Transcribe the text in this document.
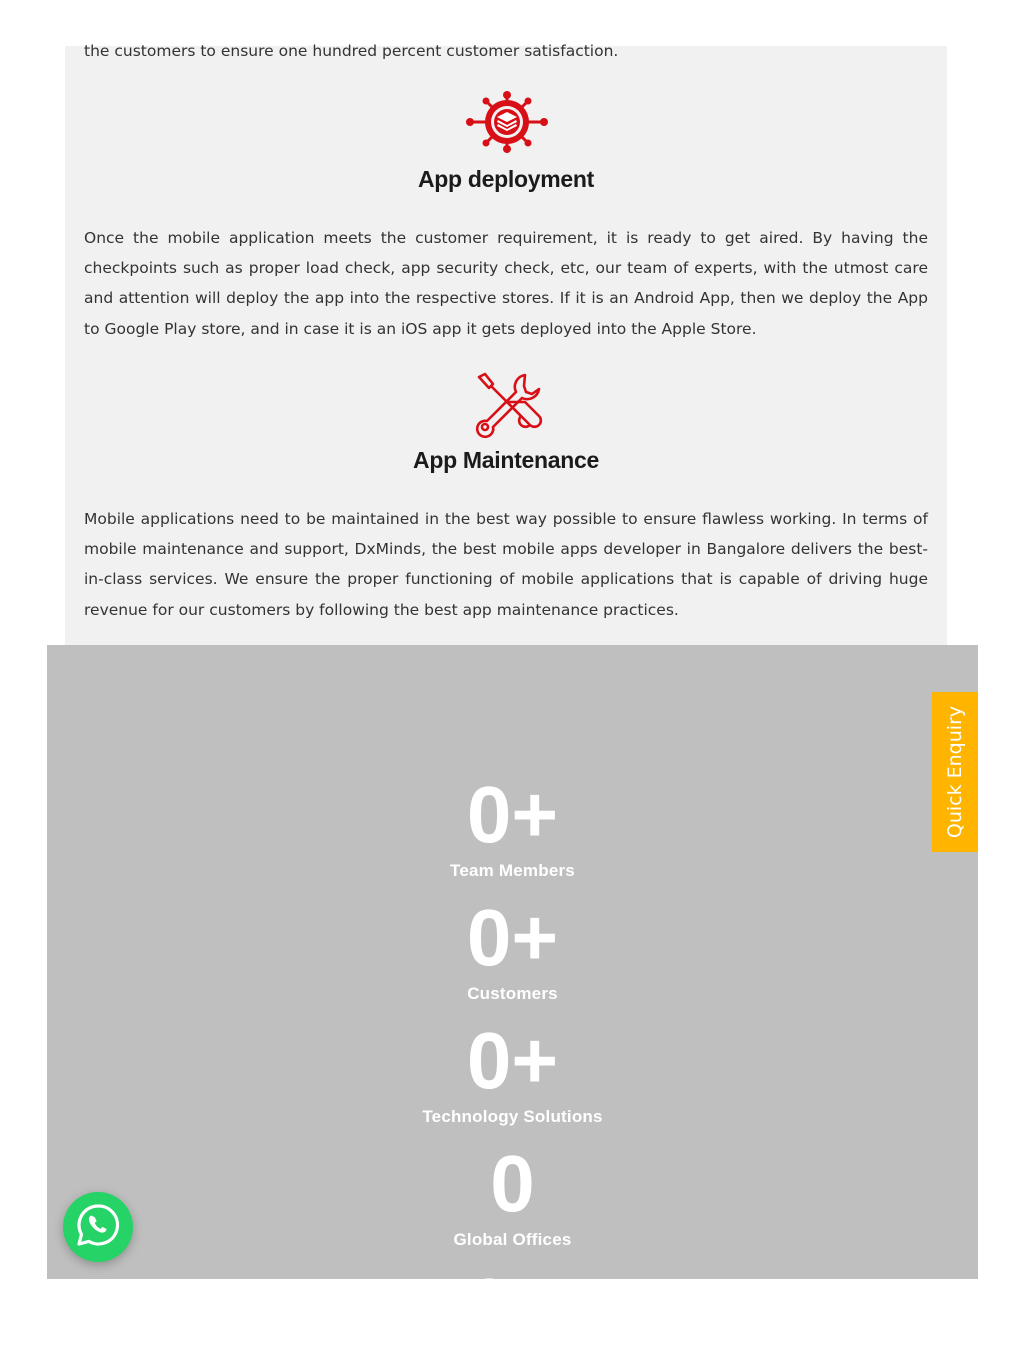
the customers to ensure one hundred percent customer satisfaction.
App deployment

Once the mobile application meets the customer requirement, it is ready to get aired. By having the checkpoints such as proper load check, app security check, etc, our team of experts, with the utmost care and attention will deploy the app into the respective stores. If it is an Android App, then we deploy the App to Google Play store, and in case it is an iOS app it gets deployed into the Apple Store.

App Maintenance

Mobile applications need to be maintained in the best way possible to ensure flawless working. In terms of mobile maintenance and support, DxMinds, the best mobile apps developer in Bangalore delivers the best-in-class services. We ensure the proper functioning of mobile applications that is capable of driving huge revenue for our customers by following the best app maintenance practices.

0+
Team Members
0+
Customers
0+
Technology Solutions
0
Global Offices
0+
Quick Enquiry
